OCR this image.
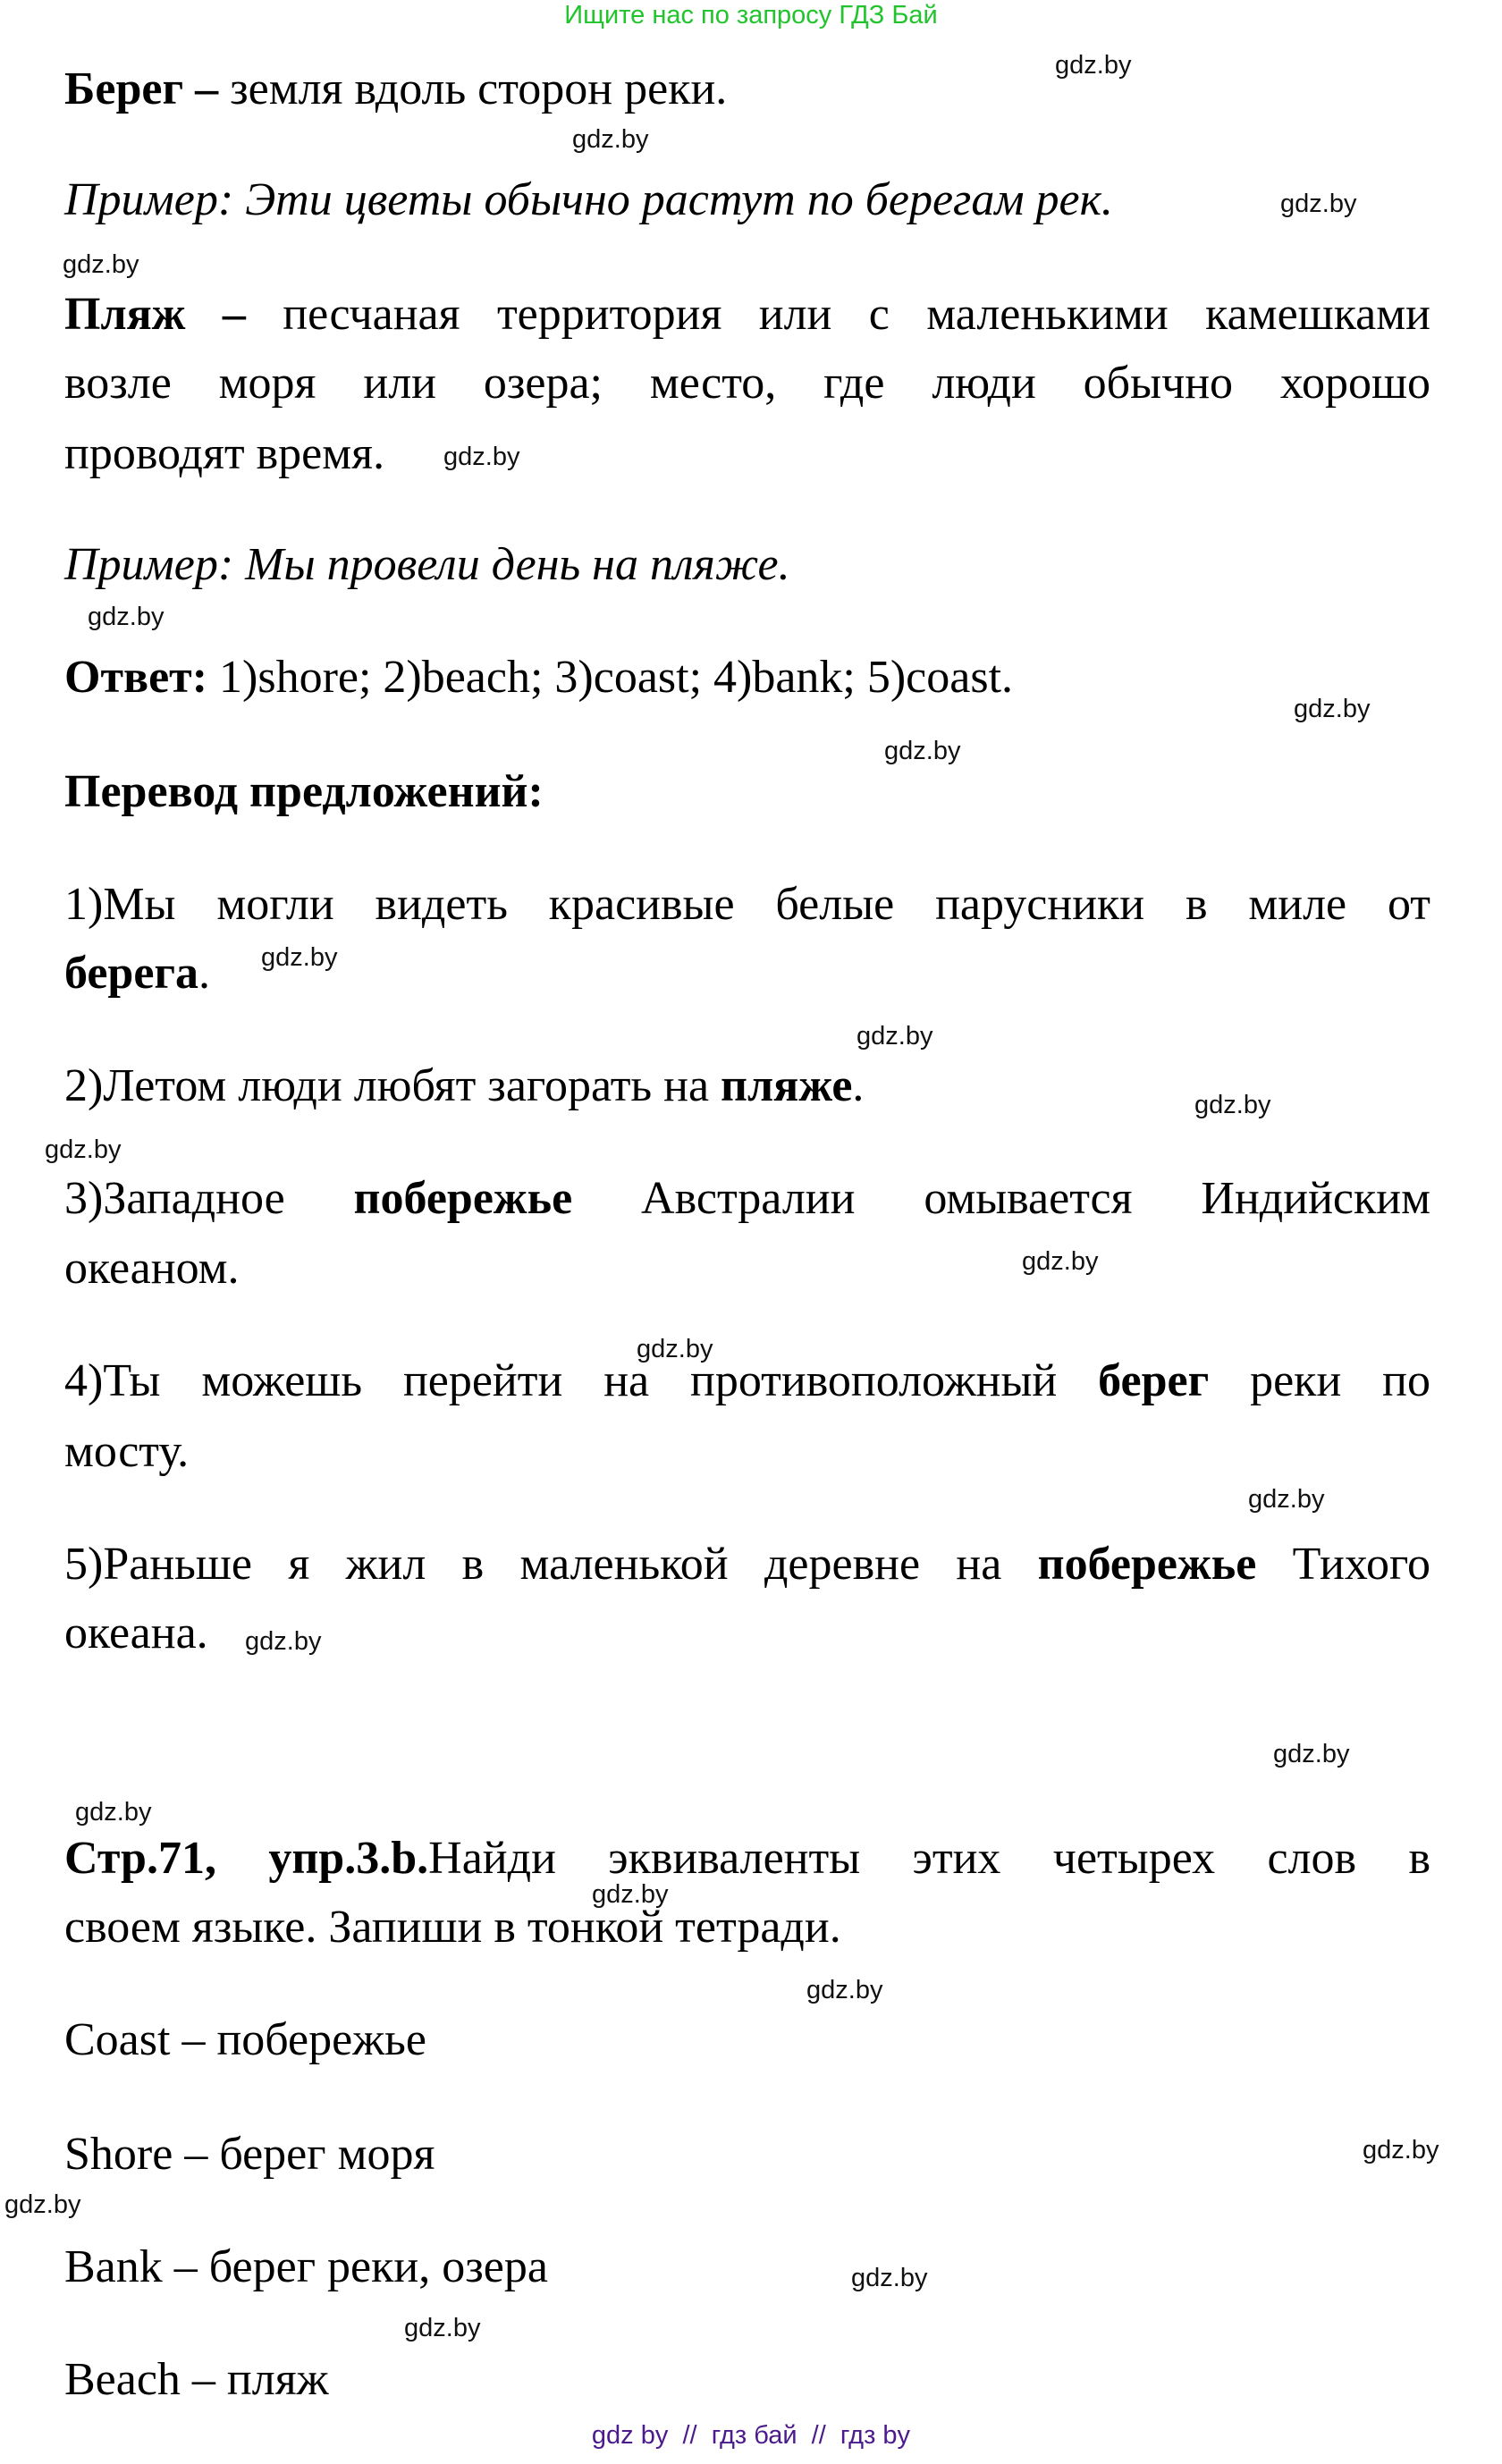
Ищите нас по запросу ГДЗ Бай
Берег – земля вдоль сторон реки.
Пример: Эти цветы обычно растут по берегам рек.
Пляж – песчаная территория или с маленькими камешками
возле моря или озера; место, где люди обычно хорошо
проводят время.
Пример: Мы провели день на пляже.
Ответ: 1)shore; 2)beach; 3)coast; 4)bank; 5)coast.
Перевод предложений:
1)Мы могли видеть красивые белые парусники в миле от
берега.
2)Летом люди любят загорать на пляже.
3)Западное побережье Австралии омывается Индийским
океаном.
4)Ты можешь перейти на противоположный берег реки по
мосту.
5)Раньше я жил в маленькой деревне на побережье Тихого
океана.
Стр.71, упр.3.b.Найди эквиваленты этих четырех слов в
своем языке. Запиши в тонкой тетради.
Coast – побережье
Shore – берег моря
Bank – берег реки, озера
Beach – пляж
gdz.by
gdz.by
gdz.by
gdz.by
gdz.by
gdz.by
gdz.by
gdz.by
gdz.by
gdz.by
gdz.by
gdz.by
gdz.by
gdz.by
gdz.by
gdz.by
gdz.by
gdz.by
gdz.by
gdz.by
gdz.by
gdz.by
gdz.by
gdz.by
gdz by  //  гдз бай  //  гдз by
